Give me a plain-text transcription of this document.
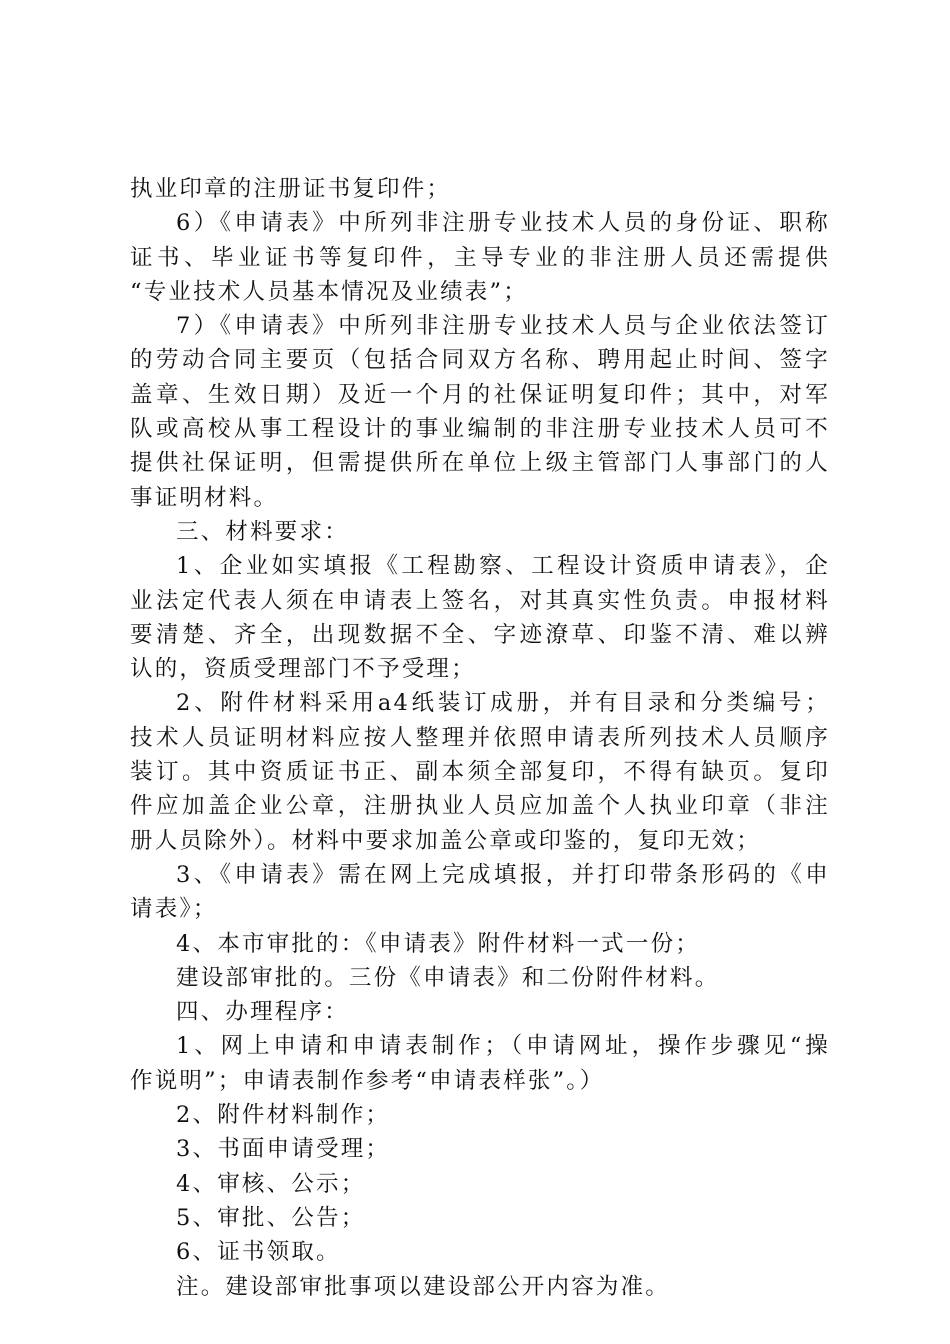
执业印章的注册证书复印件；
6）《申请表》中所列非注册专业技术人员的身份证、职称
证书、毕业证书等复印件，主导专业的非注册人员还需提供
“专业技术人员基本情况及业绩表”；
7）《申请表》中所列非注册专业技术人员与企业依法签订
的劳动合同主要页（包括合同双方名称、聘用起止时间、签字
盖章、生效日期）及近一个月的社保证明复印件；其中，对军
队或高校从事工程设计的事业编制的非注册专业技术人员可不
提供社保证明，但需提供所在单位上级主管部门人事部门的人
事证明材料。
三、材料要求：
1、企业如实填报《工程勘察、工程设计资质申请表》，企
业法定代表人须在申请表上签名，对其真实性负责。申报材料
要清楚、齐全，出现数据不全、字迹潦草、印鉴不清、难以辨
认的，资质受理部门不予受理；
2、附件材料采用a4纸装订成册，并有目录和分类编号；
技术人员证明材料应按人整理并依照申请表所列技术人员顺序
装订。其中资质证书正、副本须全部复印，不得有缺页。复印
件应加盖企业公章，注册执业人员应加盖个人执业印章（非注
册人员除外）。材料中要求加盖公章或印鉴的，复印无效；
3、《申请表》需在网上完成填报，并打印带条形码的《申
请表》；
4、本市审批的：《申请表》附件材料一式一份；
建设部审批的。三份《申请表》和二份附件材料。
四、办理程序：
1、网上申请和申请表制作；（申请网址，操作步骤见“操
作说明”；申请表制作参考“申请表样张”。）
2、附件材料制作；
3、书面申请受理；
4、审核、公示；
5、审批、公告；
6、证书领取。
注。建设部审批事项以建设部公开内容为准。
